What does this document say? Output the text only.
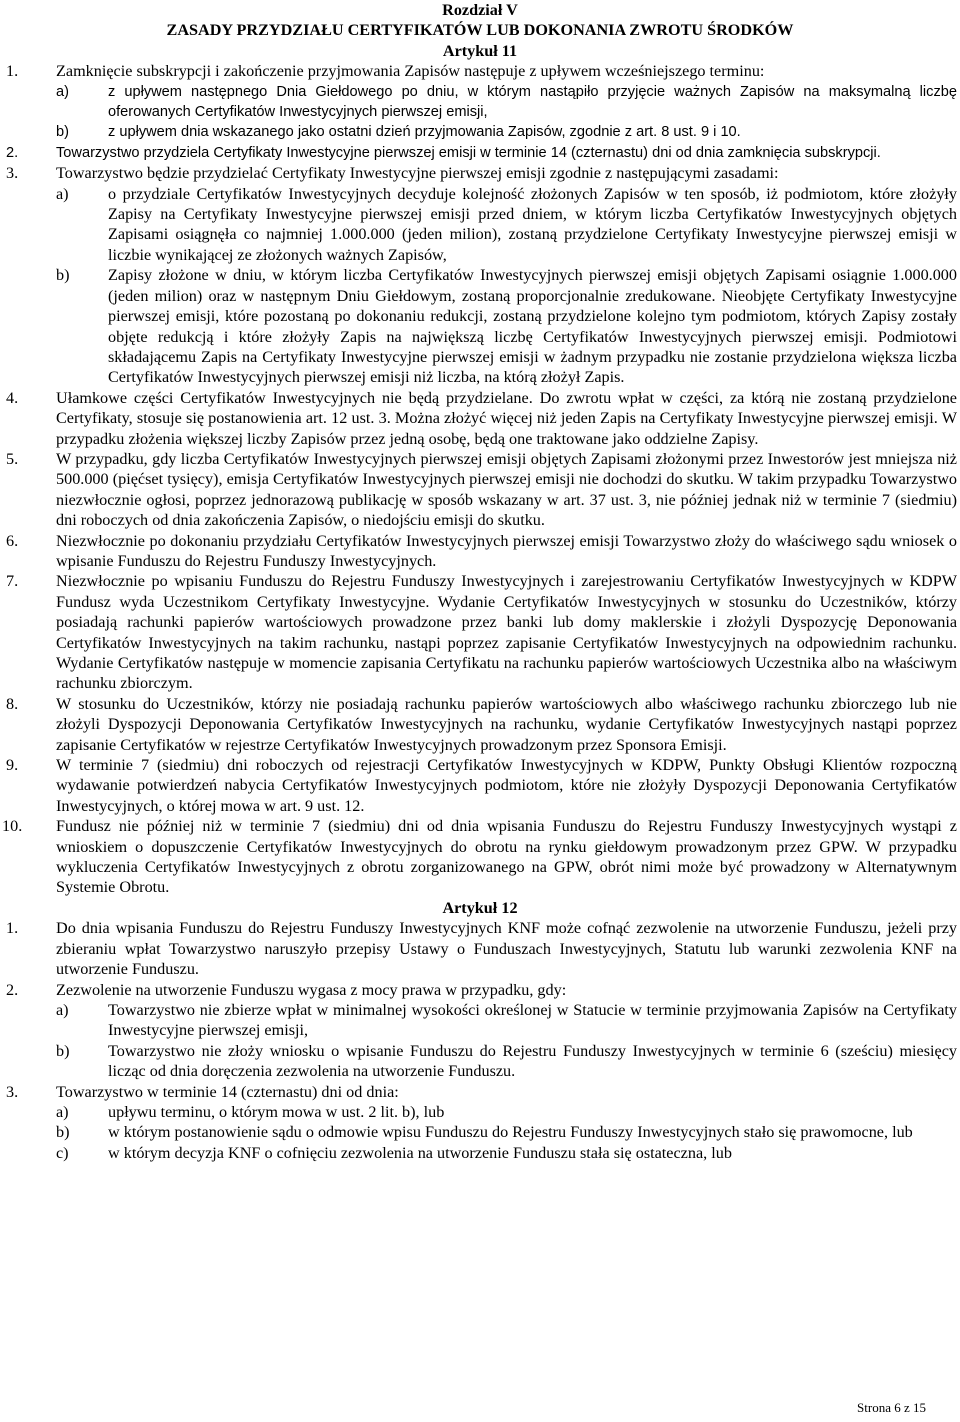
Rozdział V
ZASADY PRZYDZIAŁU CERTYFIKATÓW LUB DOKONANIA ZWROTU ŚRODKÓW
Artykuł 11
1. Zamknięcie subskrypcji i zakończenie przyjmowania Zapisów następuje z upływem wcześniejszego terminu:
a)	z upływem następnego Dnia Giełdowego po dniu, w którym nastąpiło przyjęcie ważnych Zapisów na maksymalną liczbę oferowanych Certyfikatów Inwestycyjnych pierwszej emisji,
b)	z upływem dnia wskazanego jako ostatni dzień przyjmowania Zapisów, zgodnie z art. 8 ust. 9 i 10.
2.	Towarzystwo przydziela Certyfikaty Inwestycyjne pierwszej emisji w terminie 14 (czternastu) dni od dnia zamknięcia subskrypcji.
3. Towarzystwo będzie przydzielać Certyfikaty Inwestycyjne pierwszej emisji zgodnie z następującymi zasadami:
a) o przydziale Certyfikatów Inwestycyjnych decyduje kolejność złożonych Zapisów w ten sposób, iż podmiotom, które złożyły Zapisy na Certyfikaty Inwestycyjne pierwszej emisji przed dniem, w którym liczba Certyfikatów Inwestycyjnych objętych Zapisami osiągnęła co najmniej 1.000.000 (jeden milion), zostaną przydzielone Certyfikaty Inwestycyjne pierwszej emisji w liczbie wynikającej ze złożonych ważnych Zapisów,
b) Zapisy złożone w dniu, w którym liczba Certyfikatów Inwestycyjnych pierwszej emisji objętych Zapisami osiągnie 1.000.000 (jeden milion) oraz w następnym Dniu Giełdowym, zostaną proporcjonalnie zredukowane. Nieobjęte Certyfikaty Inwestycyjne pierwszej emisji, które pozostaną po dokonaniu redukcji, zostaną przydzielone kolejno tym podmiotom, których Zapisy zostały objęte redukcją i które złożyły Zapis na największą liczbę Certyfikatów Inwestycyjnych pierwszej emisji. Podmiotowi składającemu Zapis na Certyfikaty Inwestycyjne pierwszej emisji w żadnym przypadku nie zostanie przydzielona większa liczba Certyfikatów Inwestycyjnych pierwszej emisji niż liczba, na którą złożył Zapis.
4. Ułamkowe części Certyfikatów Inwestycyjnych nie będą przydzielane. Do zwrotu wpłat w części, za którą nie zostaną przydzielone Certyfikaty, stosuje się postanowienia art. 12 ust. 3. Można złożyć więcej niż jeden Zapis na Certyfikaty Inwestycyjne pierwszej emisji. W przypadku złożenia większej liczby Zapisów przez jedną osobę, będą one traktowane jako oddzielne Zapisy.
5. W przypadku, gdy liczba Certyfikatów Inwestycyjnych pierwszej emisji objętych Zapisami złożonymi przez Inwestorów jest mniejsza niż 500.000 (pięćset tysięcy), emisja Certyfikatów Inwestycyjnych pierwszej emisji nie dochodzi do skutku. W takim przypadku Towarzystwo niezwłocznie ogłosi, poprzez jednorazową publikację w sposób wskazany w art. 37 ust. 3, nie później jednak niż w terminie 7 (siedmiu) dni roboczych od dnia zakończenia Zapisów, o niedojściu emisji do skutku.
6. Niezwłocznie po dokonaniu przydziału Certyfikatów Inwestycyjnych pierwszej emisji Towarzystwo złoży do właściwego sądu wniosek o wpisanie Funduszu do Rejestru Funduszy Inwestycyjnych.
7. Niezwłocznie po wpisaniu Funduszu do Rejestru Funduszy Inwestycyjnych i zarejestrowaniu Certyfikatów Inwestycyjnych w KDPW Fundusz wyda Uczestnikom Certyfikaty Inwestycyjne. Wydanie Certyfikatów Inwestycyjnych w stosunku do Uczestników, którzy posiadają rachunki papierów wartościowych prowadzone przez banki lub domy maklerskie i złożyli Dyspozycję Deponowania Certyfikatów Inwestycyjnych na takim rachunku, nastąpi poprzez zapisanie Certyfikatów Inwestycyjnych na odpowiednim rachunku. Wydanie Certyfikatów następuje w momencie zapisania Certyfikatu na rachunku papierów wartościowych Uczestnika albo na właściwym rachunku zbiorczym.
8. W stosunku do Uczestników, którzy nie posiadają rachunku papierów wartościowych albo właściwego rachunku zbiorczego lub nie złożyli Dyspozycji Deponowania Certyfikatów Inwestycyjnych na rachunku, wydanie Certyfikatów Inwestycyjnych nastąpi poprzez zapisanie Certyfikatów w rejestrze Certyfikatów Inwestycyjnych prowadzonym przez Sponsora Emisji.
9. W terminie 7 (siedmiu) dni roboczych od rejestracji Certyfikatów Inwestycyjnych w KDPW, Punkty Obsługi Klientów rozpoczną wydawanie potwierdzeń nabycia Certyfikatów Inwestycyjnych podmiotom, które nie złożyły Dyspozycji Deponowania Certyfikatów Inwestycyjnych, o której mowa w art. 9 ust. 12.
10. Fundusz nie później niż w terminie 7 (siedmiu) dni od dnia wpisania Funduszu do Rejestru Funduszy Inwestycyjnych wystąpi z wnioskiem o dopuszczenie Certyfikatów Inwestycyjnych do obrotu na rynku giełdowym prowadzonym przez GPW. W przypadku wykluczenia Certyfikatów Inwestycyjnych z obrotu zorganizowanego na GPW, obrót nimi może być prowadzony w Alternatywnym Systemie Obrotu.
Artykuł 12
1. Do dnia wpisania Funduszu do Rejestru Funduszy Inwestycyjnych KNF może cofnąć zezwolenie na utworzenie Funduszu, jeżeli przy zbieraniu wpłat Towarzystwo naruszyło przepisy Ustawy o Funduszach Inwestycyjnych, Statutu lub warunki zezwolenia KNF na utworzenie Funduszu.
2. Zezwolenie na utworzenie Funduszu wygasa z mocy prawa w przypadku, gdy:
a) Towarzystwo nie zbierze wpłat w minimalnej wysokości określonej w Statucie w terminie przyjmowania Zapisów na Certyfikaty Inwestycyjne pierwszej emisji,
b) Towarzystwo nie złoży wniosku o wpisanie Funduszu do Rejestru Funduszy Inwestycyjnych w terminie 6 (sześciu) miesięcy licząc od dnia doręczenia zezwolenia na utworzenie Funduszu.
3. Towarzystwo w terminie 14 (czternastu) dni od dnia:
a) upływu terminu, o którym mowa w ust. 2 lit. b), lub
b) w którym postanowienie sądu o odmowie wpisu Funduszu do Rejestru Funduszy Inwestycyjnych stało się prawomocne, lub
c) w którym decyzja KNF o cofnięciu zezwolenia na utworzenie Funduszu stała się ostateczna, lub
Strona 6 z 15
